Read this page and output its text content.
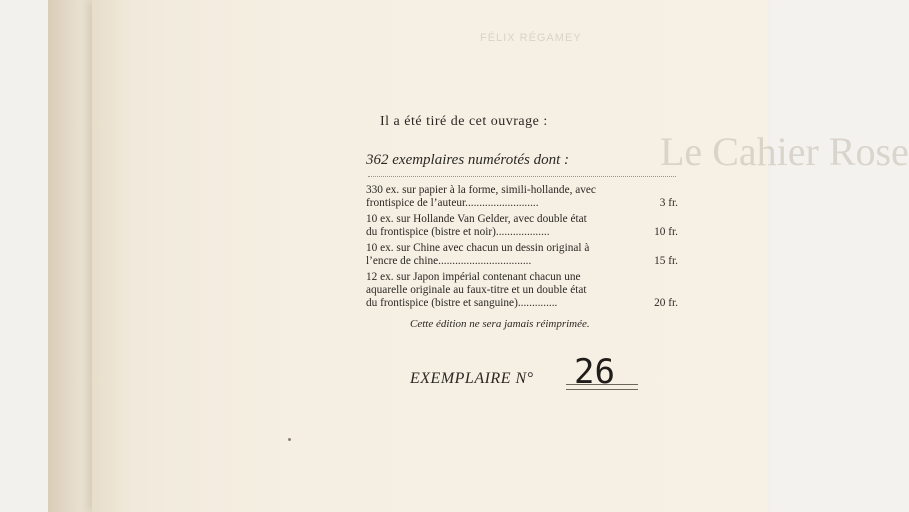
FÉLIX RÉGAMEY
Le Cahier Rose
Il a été tiré de cet ouvrage :
362 exemplaires numérotés dont :
330 ex. sur papier à la forme, simili-hollande, avec
frontispice de l’auteur..........................	3 fr.
10 ex. sur Hollande Van Gelder, avec double état
du frontispice (bistre et noir)...................	10 fr.
10 ex. sur Chine avec chacun un dessin original à
l’encre de chine.................................	15 fr.
12 ex. sur Japon impérial contenant chacun une
aquarelle originale au faux-titre et un double état
du frontispice (bistre et sanguine)..............	20 fr.
Cette édition ne sera jamais réimprimée.
EXEMPLAIRE N° 26
